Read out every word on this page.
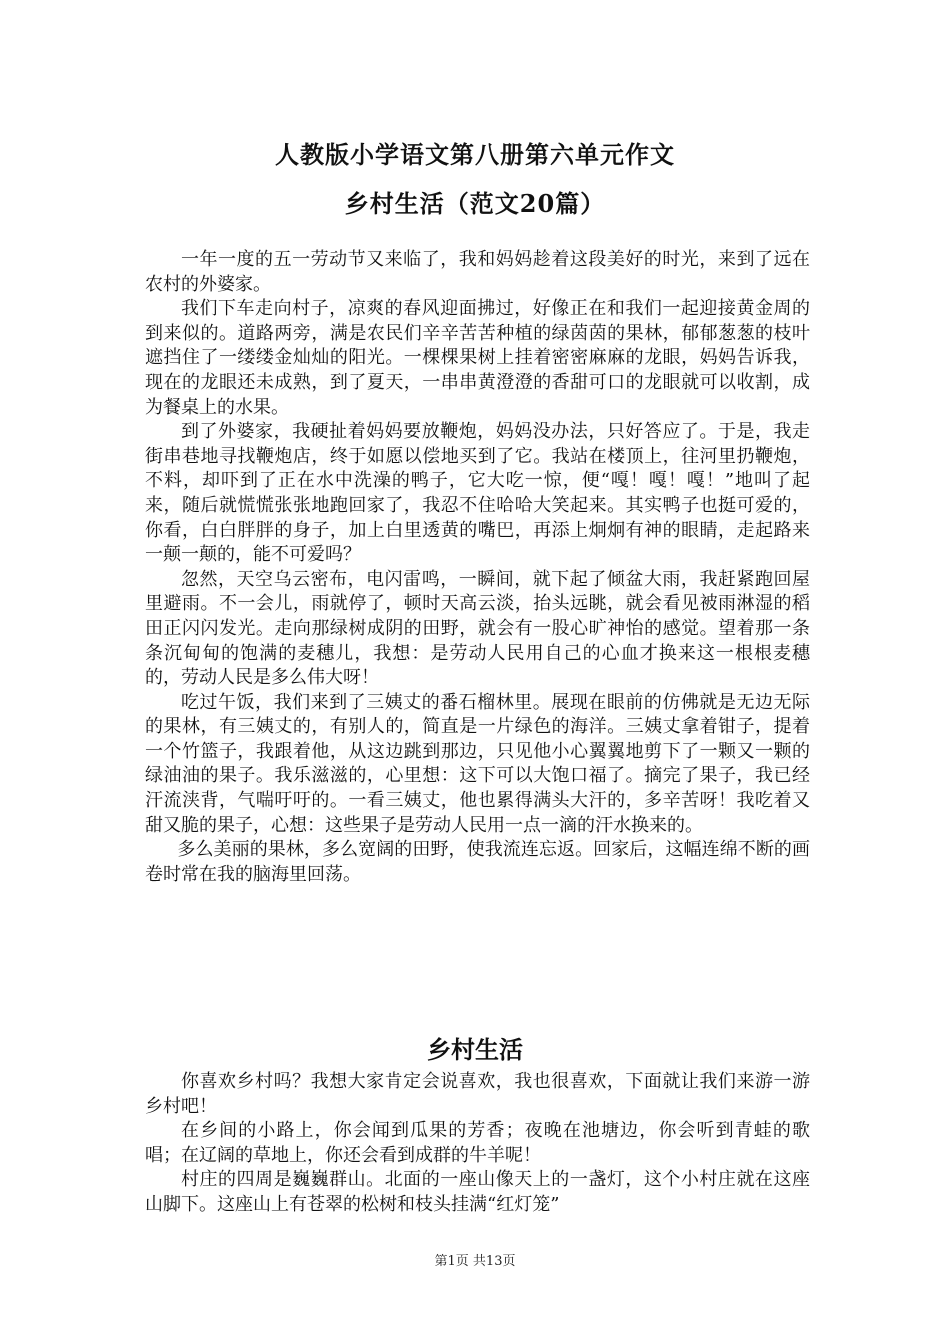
人教版小学语文第八册第六单元作文
乡村生活（范文20篇）

一年一度的五一劳动节又来临了，我和妈妈趁着这段美好的时光，来到了远在农村的外婆家。

我们下车走向村子，凉爽的春风迎面拂过，好像正在和我们一起迎接黄金周的到来似的。道路两旁，满是农民们辛辛苦苦种植的绿茵茵的果林，郁郁葱葱的枝叶遮挡住了一缕缕金灿灿的阳光。一棵棵果树上挂着密密麻麻的龙眼，妈妈告诉我，现在的龙眼还未成熟，到了夏天，一串串黄澄澄的香甜可口的龙眼就可以收割，成为餐桌上的水果。

到了外婆家，我硬扯着妈妈要放鞭炮，妈妈没办法，只好答应了。于是，我走街串巷地寻找鞭炮店，终于如愿以偿地买到了它。我站在楼顶上，往河里扔鞭炮，不料，却吓到了正在水中洗澡的鸭子，它大吃一惊，便“嘎！嘎！嘎！”地叫了起来，随后就慌慌张张地跑回家了，我忍不住哈哈大笑起来。其实鸭子也挺可爱的，你看，白白胖胖的身子，加上白里透黄的嘴巴，再添上炯炯有神的眼睛，走起路来一颠一颠的，能不可爱吗？

忽然，天空乌云密布，电闪雷鸣，一瞬间，就下起了倾盆大雨，我赶紧跑回屋里避雨。不一会儿，雨就停了，顿时天高云淡，抬头远眺，就会看见被雨淋湿的稻田正闪闪发光。走向那绿树成阴的田野，就会有一股心旷神怡的感觉。望着那一条条沉甸甸的饱满的麦穗儿，我想：是劳动人民用自己的心血才换来这一根根麦穗的，劳动人民是多么伟大呀！

吃过午饭，我们来到了三姨丈的番石榴林里。展现在眼前的仿佛就是无边无际的果林，有三姨丈的，有别人的，简直是一片绿色的海洋。三姨丈拿着钳子，提着一个竹篮子，我跟着他，从这边跳到那边，只见他小心翼翼地剪下了一颗又一颗的绿油油的果子。我乐滋滋的，心里想：这下可以大饱口福了。摘完了果子，我已经汗流浃背，气喘吁吁的。一看三姨丈，他也累得满头大汗的，多辛苦呀！我吃着又甜又脆的果子，心想：这些果子是劳动人民用一点一滴的汗水换来的。

多么美丽的果林，多么宽阔的田野，使我流连忘返。回家后，这幅连绵不断的画卷时常在我的脑海里回荡。

乡村生活

你喜欢乡村吗？我想大家肯定会说喜欢，我也很喜欢，下面就让我们来游一游乡村吧！

在乡间的小路上，你会闻到瓜果的芳香；夜晚在池塘边，你会听到青蛙的歌唱；在辽阔的草地上，你还会看到成群的牛羊呢！

村庄的四周是巍巍群山。北面的一座山像天上的一盏灯，这个小村庄就在这座山脚下。这座山上有苍翠的松树和枝头挂满“红灯笼”

第1页 共13页
